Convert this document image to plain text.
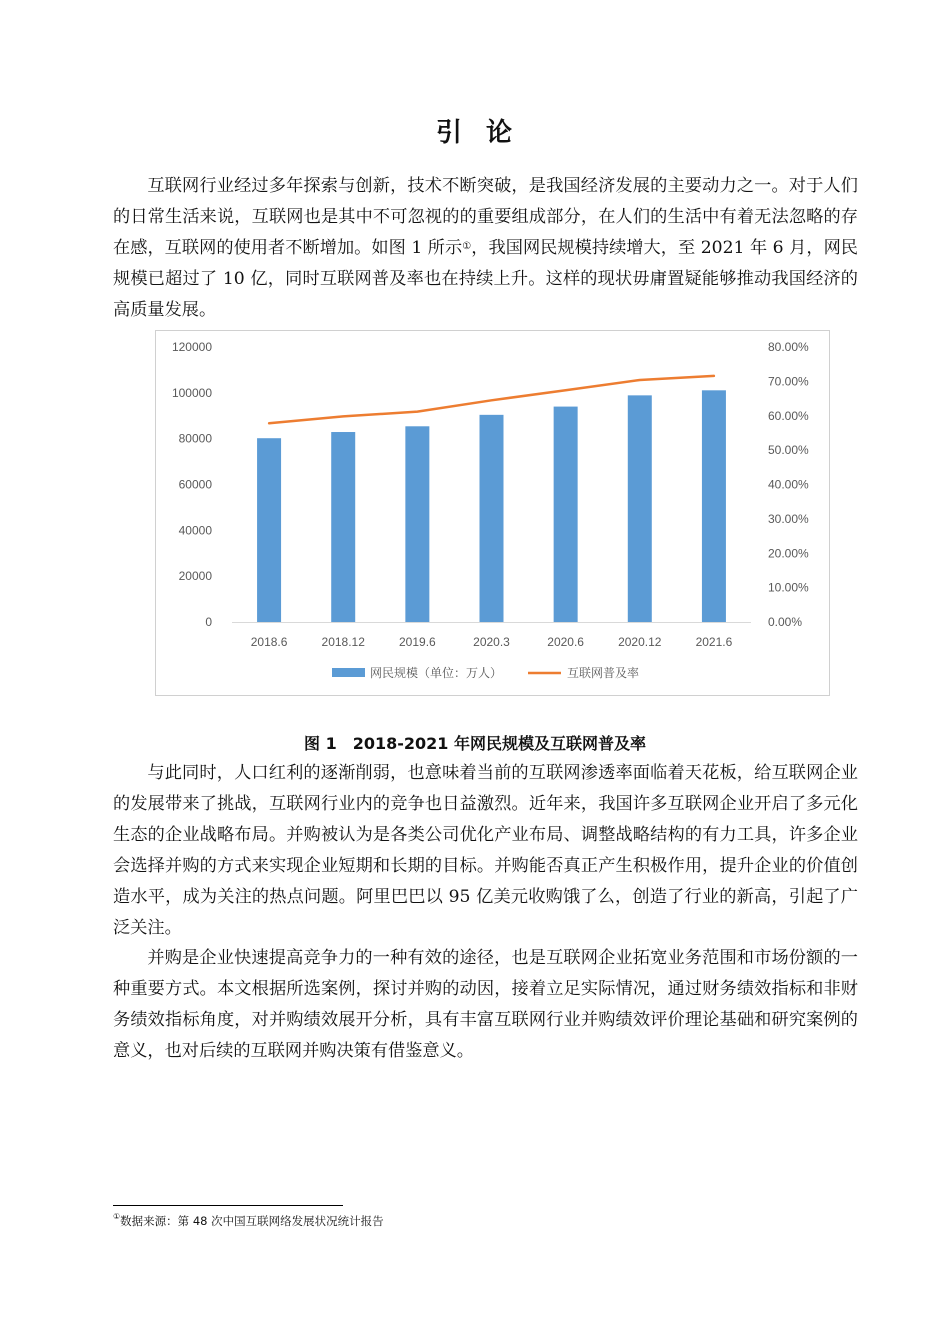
引 论

互联网行业经过多年探索与创新，技术不断突破，是我国经济发展的主要动力之一。对于人们的日常生活来说，互联网也是其中不可忽视的的重要组成部分，在人们的生活中有着无法忽略的存在感，互联网的使用者不断增加。如图 1 所示①，我国网民规模持续增大，至 2021 年 6 月，网民规模已超过了 10 亿，同时互联网普及率也在持续上升。这样的现状毋庸置疑能够推动我国经济的高质量发展。

0
20000
40000
60000
80000
100000
120000
0.00%
10.00%
20.00%
30.00%
40.00%
50.00%
60.00%
70.00%
80.00%
2018.6	2018.12	2019.6	2020.3	2020.6	2020.12	2021.6
网民规模（单位：万人）	互联网普及率

图 1 2018-2021 年网民规模及互联网普及率

与此同时，人口红利的逐渐削弱，也意味着当前的互联网渗透率面临着天花板，给互联网企业的发展带来了挑战，互联网行业内的竞争也日益激烈。近年来，我国许多互联网企业开启了多元化生态的企业战略布局。并购被认为是各类公司优化产业布局、调整战略结构的有力工具，许多企业会选择并购的方式来实现企业短期和长期的目标。并购能否真正产生积极作用，提升企业的价值创造水平，成为关注的热点问题。阿里巴巴以 95 亿美元收购饿了么，创造了行业的新高，引起了广泛关注。

并购是企业快速提高竞争力的一种有效的途径，也是互联网企业拓宽业务范围和市场份额的一种重要方式。本文根据所选案例，探讨并购的动因，接着立足实际情况，通过财务绩效指标和非财务绩效指标角度，对并购绩效展开分析，具有丰富互联网行业并购绩效评价理论基础和研究案例的意义，也对后续的互联网并购决策有借鉴意义。

①数据来源：第 48 次中国互联网络发展状况统计报告
